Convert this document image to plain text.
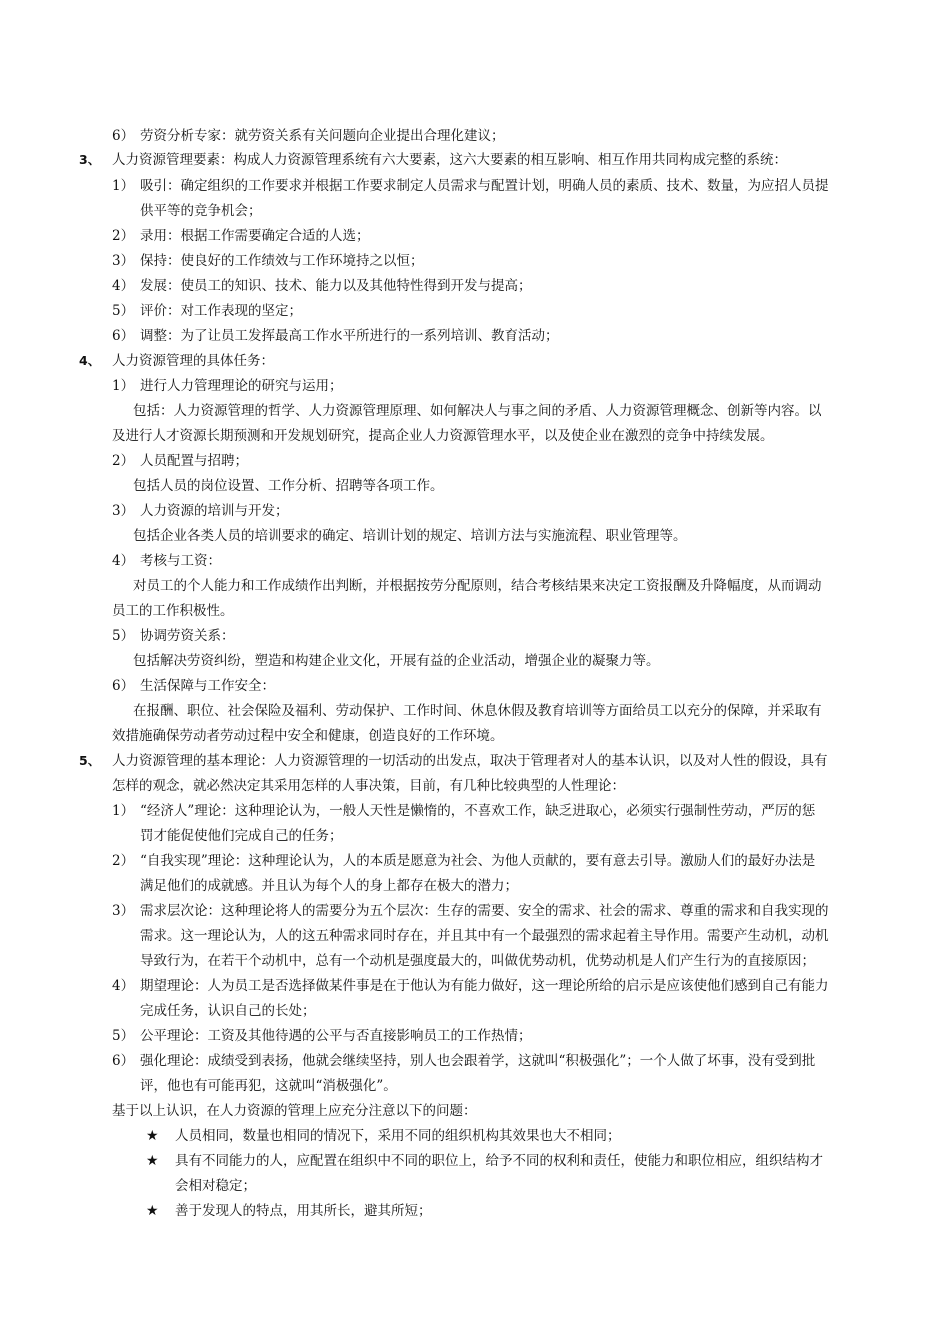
6） 劳资分析专家：就劳资关系有关问题向企业提出合理化建议；
3、 人力资源管理要素：构成人力资源管理系统有六大要素，这六大要素的相互影响、相互作用共同构成完整的系统：
1） 吸引：确定组织的工作要求并根据工作要求制定人员需求与配置计划，明确人员的素质、技术、数量，为应招人员提
供平等的竞争机会；
2） 录用：根据工作需要确定合适的人选；
3） 保持：使良好的工作绩效与工作环境持之以恒；
4） 发展：使员工的知识、技术、能力以及其他特性得到开发与提高；
5） 评价：对工作表现的坚定；
6） 调整：为了让员工发挥最高工作水平所进行的一系列培训、教育活动；
4、 人力资源管理的具体任务：
1） 进行人力管理理论的研究与运用；
包括：人力资源管理的哲学、人力资源管理原理、如何解决人与事之间的矛盾、人力资源管理概念、创新等内容。以
及进行人才资源长期预测和开发规划研究，提高企业人力资源管理水平，以及使企业在激烈的竞争中持续发展。
2） 人员配置与招聘；
包括人员的岗位设置、工作分析、招聘等各项工作。
3） 人力资源的培训与开发；
包括企业各类人员的培训要求的确定、培训计划的规定、培训方法与实施流程、职业管理等。
4） 考核与工资：
对员工的个人能力和工作成绩作出判断，并根据按劳分配原则，结合考核结果来决定工资报酬及升降幅度，从而调动
员工的工作积极性。
5） 协调劳资关系：
包括解决劳资纠纷，塑造和构建企业文化，开展有益的企业活动，增强企业的凝聚力等。
6） 生活保障与工作安全：
在报酬、职位、社会保险及福利、劳动保护、工作时间、休息休假及教育培训等方面给员工以充分的保障，并采取有
效措施确保劳动者劳动过程中安全和健康，创造良好的工作环境。
5、 人力资源管理的基本理论：人力资源管理的一切活动的出发点，取决于管理者对人的基本认识，以及对人性的假设，具有
怎样的观念，就必然决定其采用怎样的人事决策，目前，有几种比较典型的人性理论：
1） “经济人”理论：这种理论认为，一般人天性是懒惰的，不喜欢工作，缺乏进取心，必须实行强制性劳动，严厉的惩
罚才能促使他们完成自己的任务；
2） “自我实现”理论：这种理论认为，人的本质是愿意为社会、为他人贡献的，要有意去引导。激励人们的最好办法是
满足他们的成就感。并且认为每个人的身上都存在极大的潜力；
3） 需求层次论：这种理论将人的需要分为五个层次：生存的需要、安全的需求、社会的需求、尊重的需求和自我实现的
需求。这一理论认为，人的这五种需求同时存在，并且其中有一个最强烈的需求起着主导作用。需要产生动机，动机
导致行为，在若干个动机中，总有一个动机是强度最大的，叫做优势动机，优势动机是人们产生行为的直接原因；
4） 期望理论：人为员工是否选择做某件事是在于他认为有能力做好，这一理论所给的启示是应该使他们感到自己有能力
完成任务，认识自己的长处；
5） 公平理论：工资及其他待遇的公平与否直接影响员工的工作热情；
6） 强化理论：成绩受到表扬，他就会继续坚持，别人也会跟着学，这就叫“积极强化”；一个人做了坏事，没有受到批
评，他也有可能再犯，这就叫“消极强化”。
基于以上认识，在人力资源的管理上应充分注意以下的问题：
★ 人员相同，数量也相同的情况下，采用不同的组织机构其效果也大不相同；
★ 具有不同能力的人，应配置在组织中不同的职位上，给予不同的权利和责任，使能力和职位相应，组织结构才
会相对稳定；
★ 善于发现人的特点，用其所长，避其所短；
